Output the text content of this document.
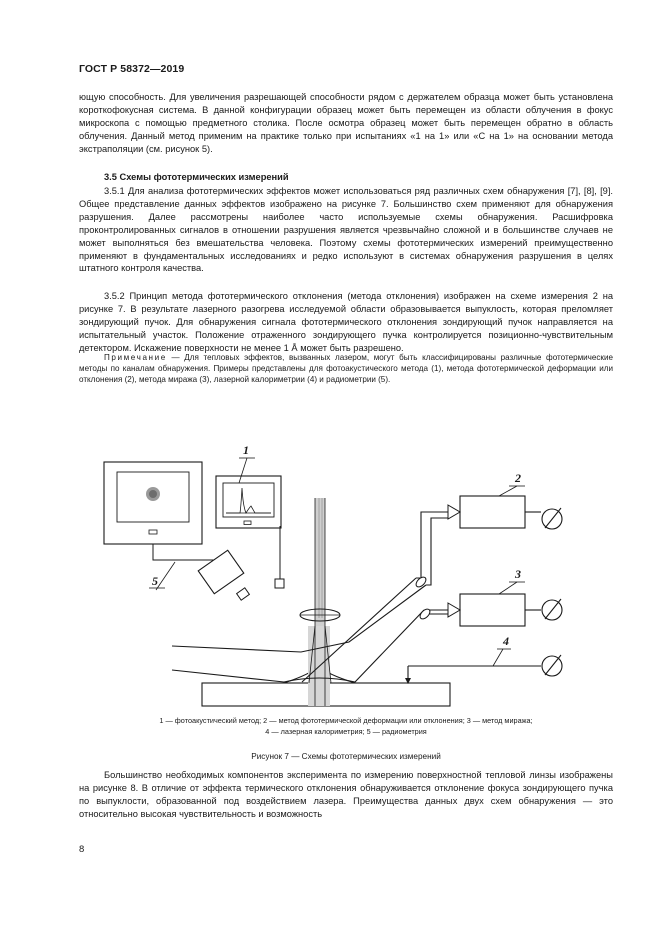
ГОСТ Р 58372—2019
ющую способность. Для увеличения разрешающей способности рядом с держателем образца может быть установлена короткофокусная система. В данной конфигурации образец может быть перемещен из области облучения в фокус микроскопа с помощью предметного столика. После осмотра образец может быть перемещен обратно в область облучения. Данный метод применим на практике только при испытаниях «1 на 1» или «С на 1» на основании метода экстраполяции (см. рисунок 5).
3.5 Схемы фототермических измерений
3.5.1 Для анализа фототермических эффектов может использоваться ряд различных схем обнаружения [7], [8], [9]. Общее представление данных эффектов изображено на рисунке 7. Большинство схем применяют для обнаружения разрушения. Далее рассмотрены наиболее часто используемые схемы обнаружения. Расшифровка проконтролированных сигналов в отношении разрушения является чрезвычайно сложной и в большинстве случаев не может выполняться без вмешательства человека. Поэтому схемы фототермических измерений преимущественно применяют в фундаментальных исследованиях и редко используют в системах обнаружения разрушения в целях штатного контроля качества.
3.5.2 Принцип метода фототермического отклонения (метода отклонения) изображен на схеме измерения 2 на рисунке 7. В результате лазерного разогрева исследуемой области образовывается выпуклость, которая преломляет зондирующий пучок. Для обнаружения сигнала фототермического отклонения зондирующий пучок направляется на испытательный участок. Положение отраженного зондирующего пучка контролируется позиционно-чувствительным детектором. Искажение поверхности не менее 1 Å может быть разрешено.
Примечание — Для тепловых эффектов, вызванных лазером, могут быть классифицированы различные фототермические методы по каналам обнаружения. Примеры представлены для фотоакустического метода (1), метода фототермической деформации или отклонения (2), метода миража (3), лазерной калориметрии (4) и радиометрии (5).
1
2
3
4
5
1 — фотоакустический метод; 2 — метод фототермической деформации или отклонения; 3 — метод миража;
4 — лазерная калориметрия; 5 — радиометрия
Рисунок 7 — Схемы фототермических измерений
Большинство необходимых компонентов эксперимента по измерению поверхностной тепловой линзы изображены на рисунке 8. В отличие от эффекта термического отклонения обнаруживается отклонение фокуса зондирующего пучка по выпуклости, образованной под воздействием лазера. Преимущества данных двух схем обнаружения — это относительно высокая чувствительность и возможность
8
